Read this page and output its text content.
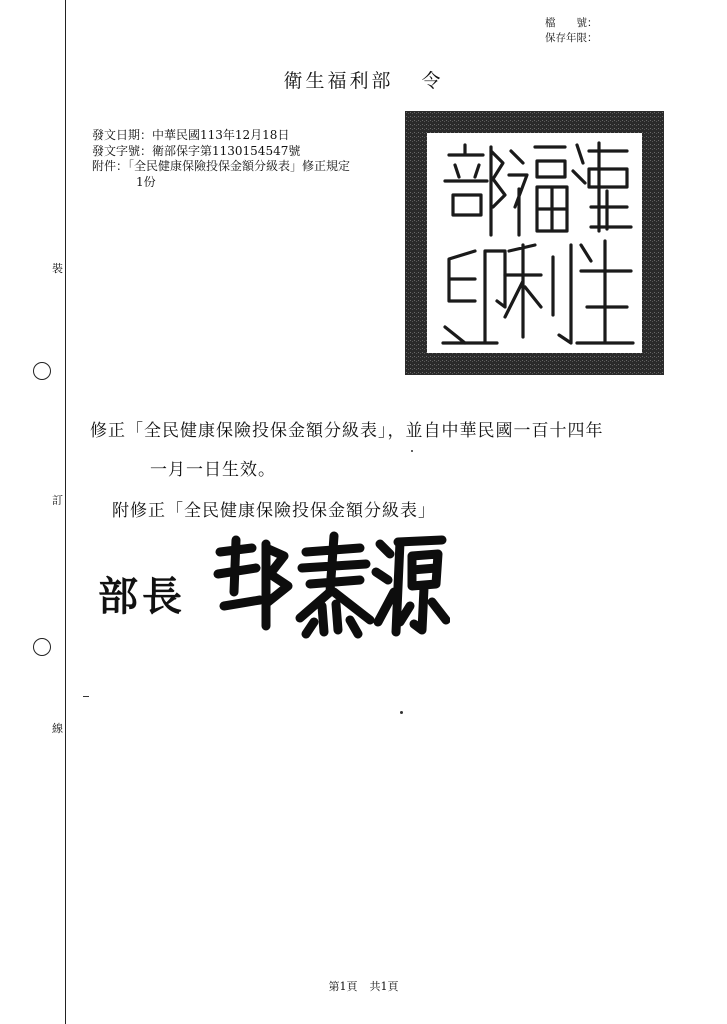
檔　　號：
保存年限：
裝
訂
線
衛生福利部 令
發文日期：中華民國113年12月18日
發文字號：衛部保字第1130154547號
附件：「全民健康保險投保金額分級表」修正規定
1份
修正「全民健康保險投保金額分級表」，並自中華民國一百十四年
一月一日生效。
附修正「全民健康保險投保金額分級表」
部長
第1頁 共1頁
